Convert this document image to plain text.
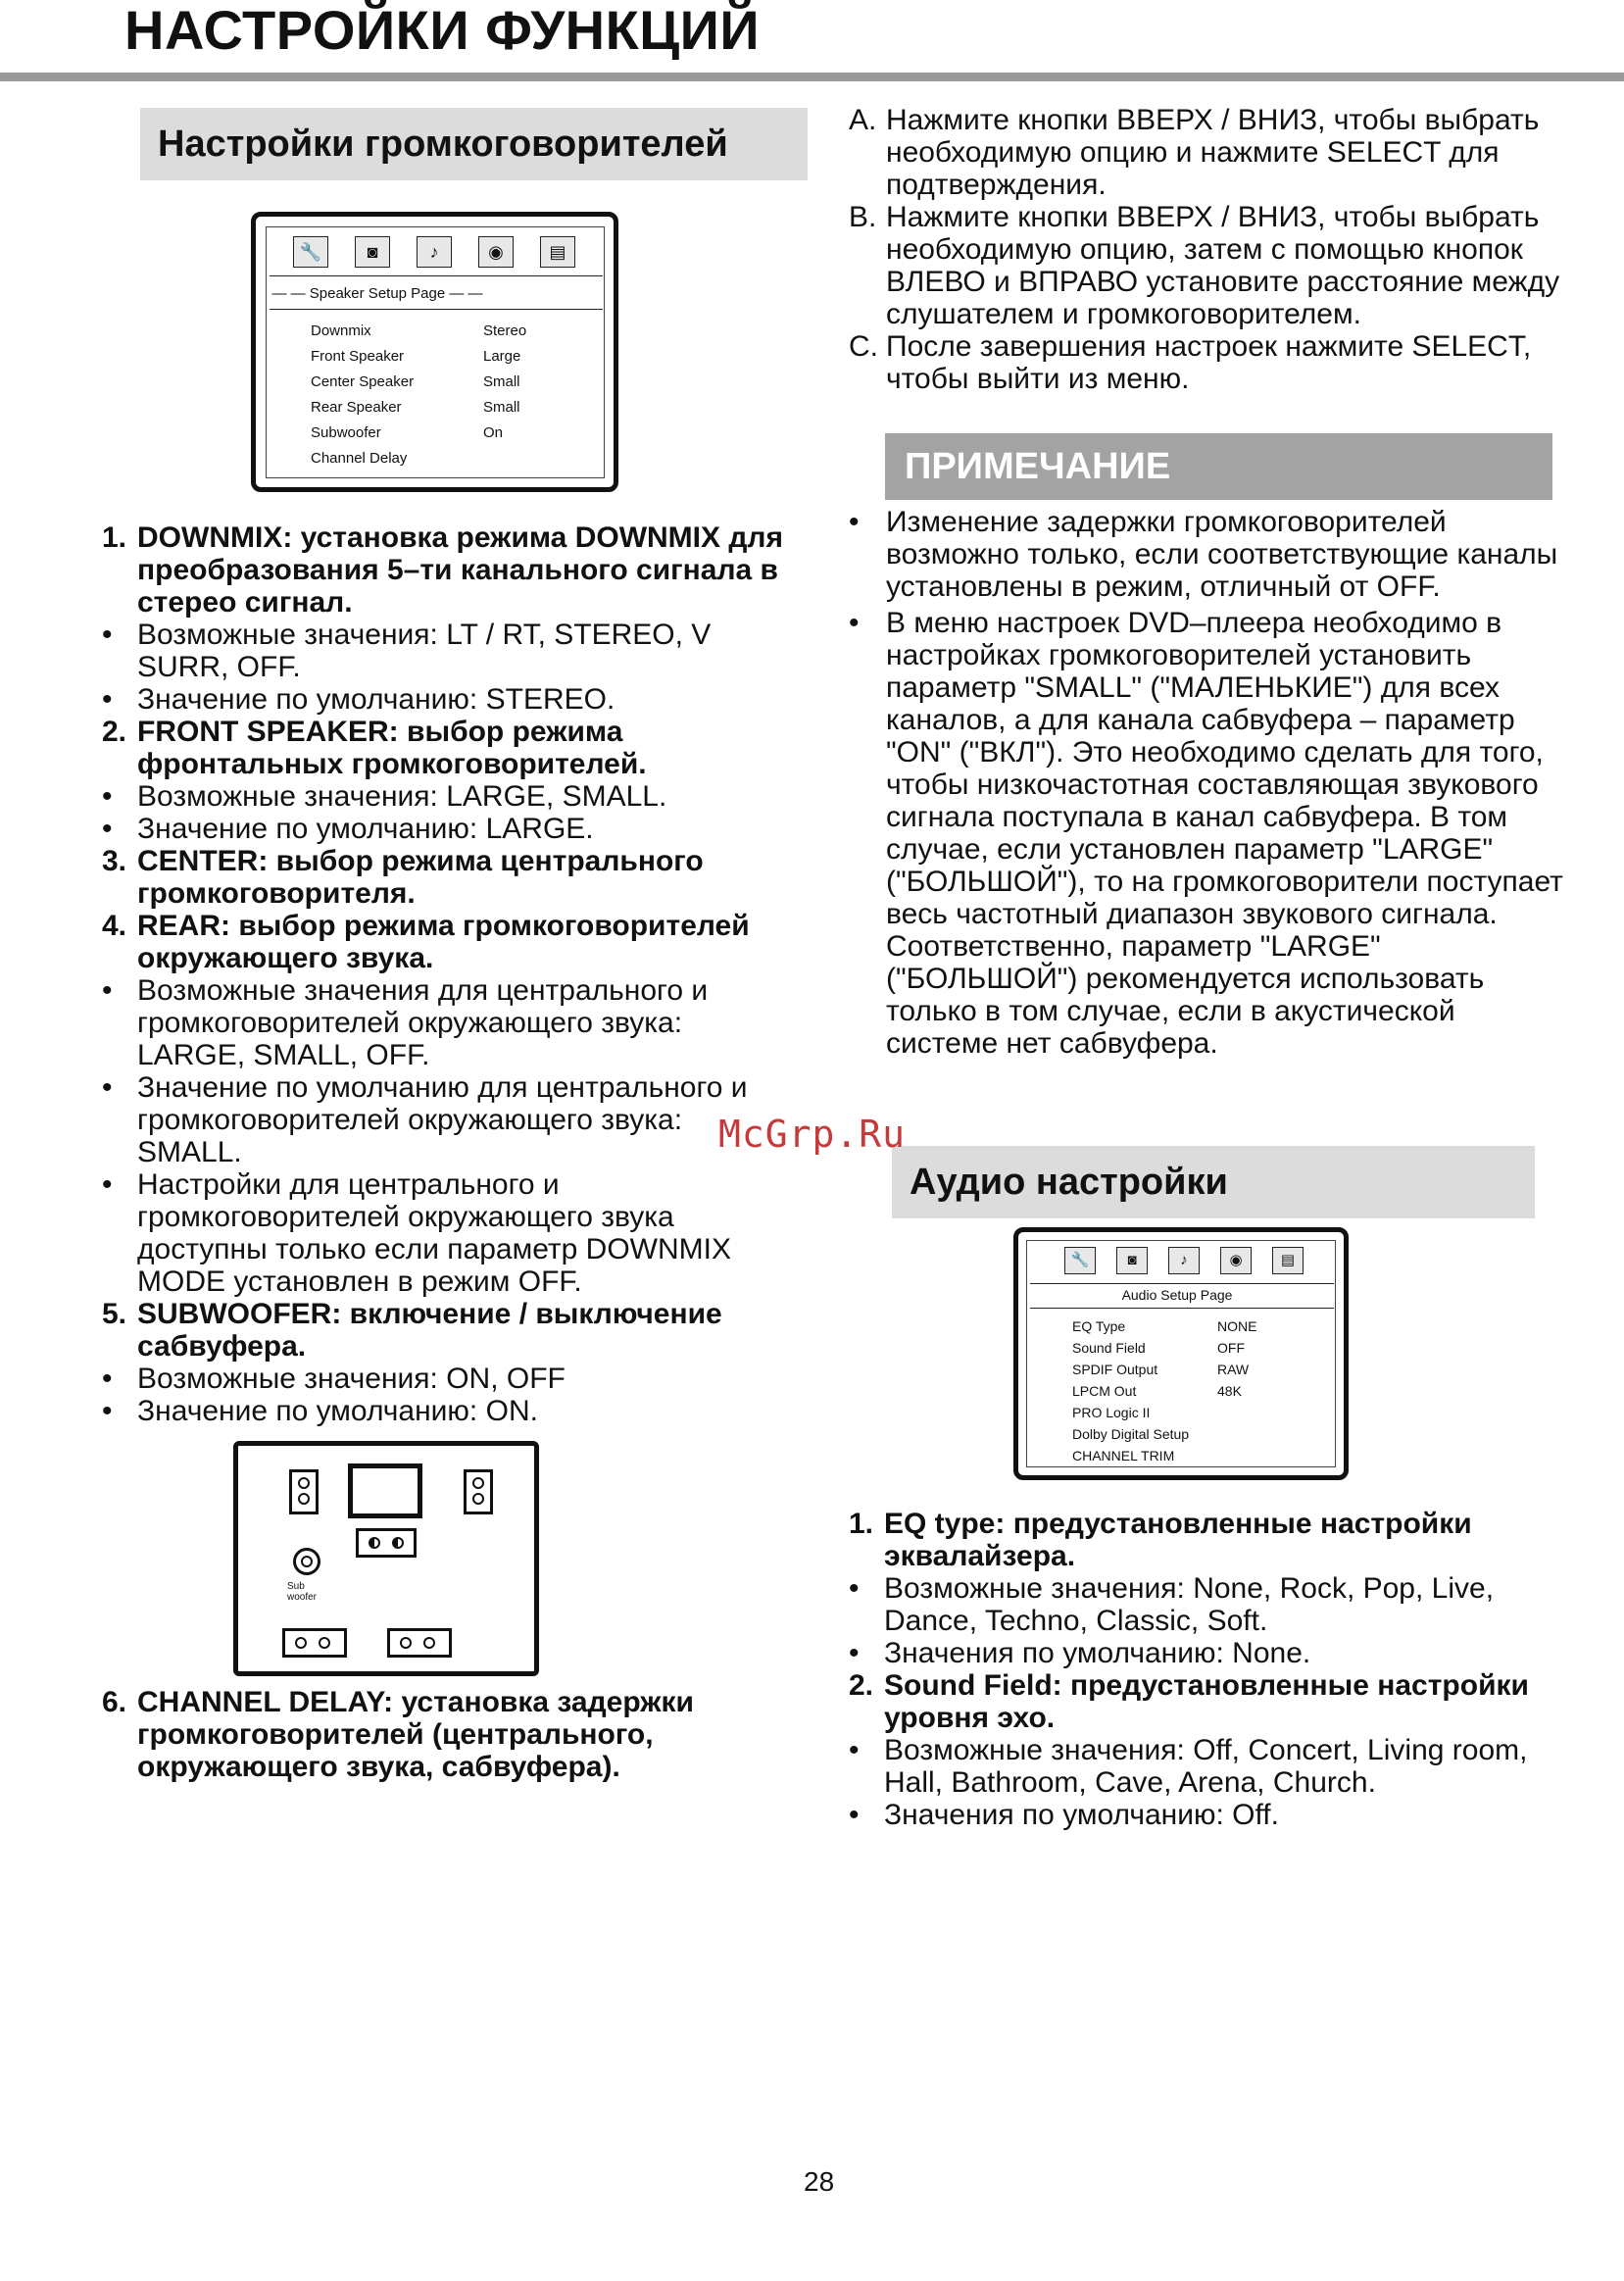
НАСТРОЙКИ ФУНКЦИЙ
Настройки громкоговорителей
🔧	◙	♪	◉	▤
— — Speaker Setup Page — —
Downmix	Stereo
Front Speaker	Large
Center Speaker	Small
Rear Speaker	Small
Subwoofer	On
Channel Delay
1. DOWNMIX: установка режима DOWNMIX для преобразования 5–ти канального сигнала в стерео сигнал.
• Возможные значения: LT / RT, STEREO, V SURR, OFF.
• Значение по умолчанию: STEREO.
2. FRONT SPEAKER: выбор режима фронтальных громкоговорителей.
• Возможные значения: LARGE, SMALL.
• Значение по умолчанию: LARGE.
3. CENTER: выбор режима центрального громкоговорителя.
4. REAR: выбор режима громкоговорителей окружающего звука.
• Возможные значения для центрального и громкоговорителей окружающего звука: LARGE, SMALL, OFF.
• Значение по умолчанию для центрального и громкоговорителей окружающего звука: SMALL.
• Настройки для центрального и громкоговорителей окружающего звука доступны только если параметр DOWNMIX MODE установлен в режим OFF.
5. SUBWOOFER: включение / выключение сабвуфера.
• Возможные значения: ON, OFF
• Значение по умолчанию: ON.
Sub woofer
6. CHANNEL DELAY: установка задержки громкоговорителей (центрального, окружающего звука, сабвуфера).
A. Нажмите кнопки ВВЕРХ / ВНИЗ, чтобы выбрать необходимую опцию и нажмите SELECT для подтверждения.
B. Нажмите кнопки ВВЕРХ / ВНИЗ, чтобы выбрать необходимую опцию, затем с помощью кнопок ВЛЕВО и ВПРАВО установите расстояние между слушателем и громкоговорителем.
C. После завершения настроек нажмите SELECT, чтобы выйти из меню.
ПРИМЕЧАНИЕ
• Изменение задержки громкоговорителей возможно только, если соответствующие каналы установлены в режим, отличный от OFF.
• В меню настроек DVD–плеера необходимо в настройках громкоговорителей установить параметр "SMALL" ("МАЛЕНЬКИЕ") для всех каналов, а для канала сабвуфера – параметр "ON" ("ВКЛ"). Это необходимо сделать для того, чтобы низкочастотная составляющая звукового сигнала поступала в канал сабвуфера. В том случае, если установлен параметр "LARGE" ("БОЛЬШОЙ"), то на громкоговорители поступает весь частотный диапазон звукового сигнала. Соответственно, параметр "LARGE" ("БОЛЬШОЙ") рекомендуется использовать только в том случае, если в акустической системе нет сабвуфера.
Аудио настройки
🔧	◙	♪	◉	▤
Audio Setup Page
EQ Type	NONE
Sound Field	OFF
SPDIF Output	RAW
LPCM Out	48K
PRO Logic II
Dolby Digital Setup
CHANNEL TRIM
1. EQ type: предустановленные настройки эквалайзера.
• Возможные значения: None, Rock, Pop, Live, Dance, Techno, Classic, Soft.
• Значения по умолчанию: None.
2. Sound Field: предустановленные настройки уровня эхо.
• Возможные значения: Off, Concert, Living room, Hall, Bathroom, Cave, Arena, Church.
• Значения по умолчанию: Off.
McGrp.Ru
28
